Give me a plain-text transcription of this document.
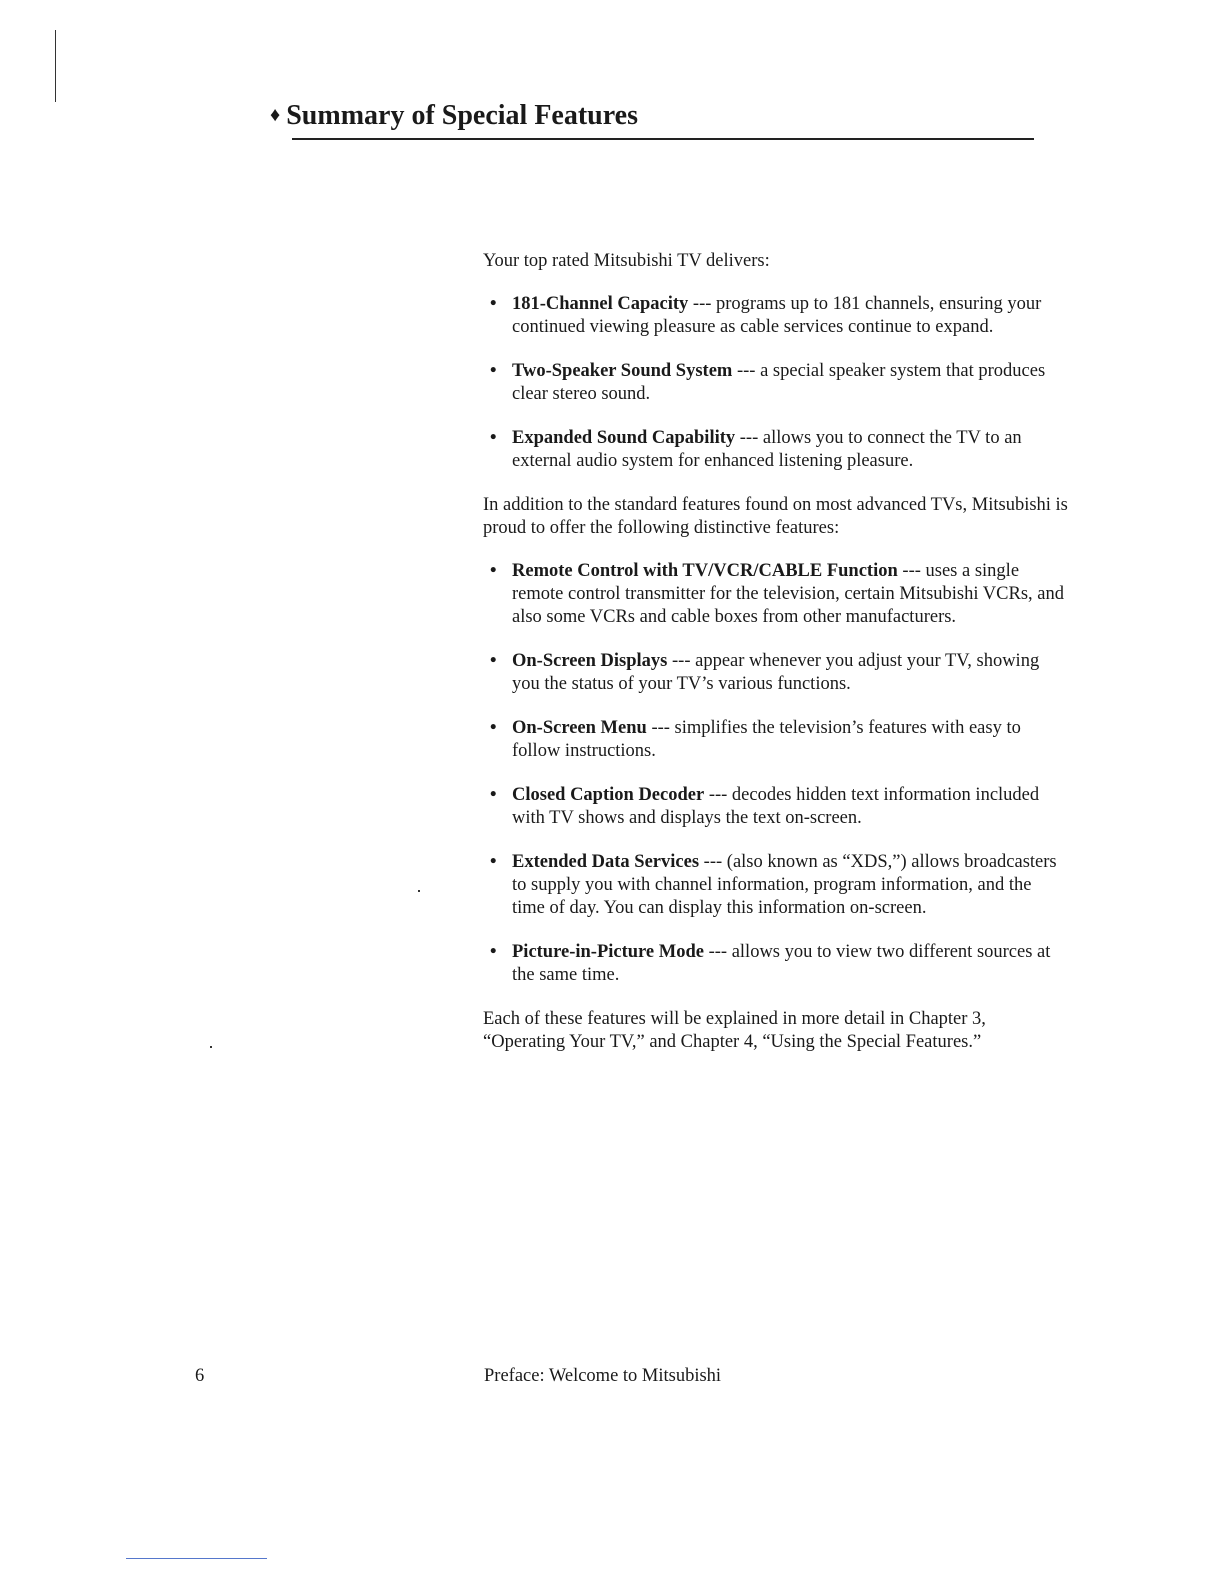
♦ Summary of Special Features

Your top rated Mitsubishi TV delivers:

• 181-Channel Capacity --- programs up to 181 channels, ensuring your continued viewing pleasure as cable services continue to expand.
• Two-Speaker Sound System --- a special speaker system that produces clear stereo sound.
• Expanded Sound Capability --- allows you to connect the TV to an external audio system for enhanced listening pleasure.

In addition to the standard features found on most advanced TVs, Mitsubishi is proud to offer the following distinctive features:

• Remote Control with TV/VCR/CABLE Function --- uses a single remote control transmitter for the television, certain Mitsubishi VCRs, and also some VCRs and cable boxes from other manufacturers.
• On-Screen Displays --- appear whenever you adjust your TV, showing you the status of your TV’s various functions.
• On-Screen Menu --- simplifies the television’s features with easy to follow instructions.
• Closed Caption Decoder --- decodes hidden text information included with TV shows and displays the text on-screen.
• Extended Data Services --- (also known as “XDS,”) allows broadcasters to supply you with channel information, program information, and the time of day. You can display this information on-screen.
• Picture-in-Picture Mode --- allows you to view two different sources at the same time.

Each of these features will be explained in more detail in Chapter 3, “Operating Your TV,” and Chapter 4, “Using the Special Features.”

6	Preface: Welcome to Mitsubishi
